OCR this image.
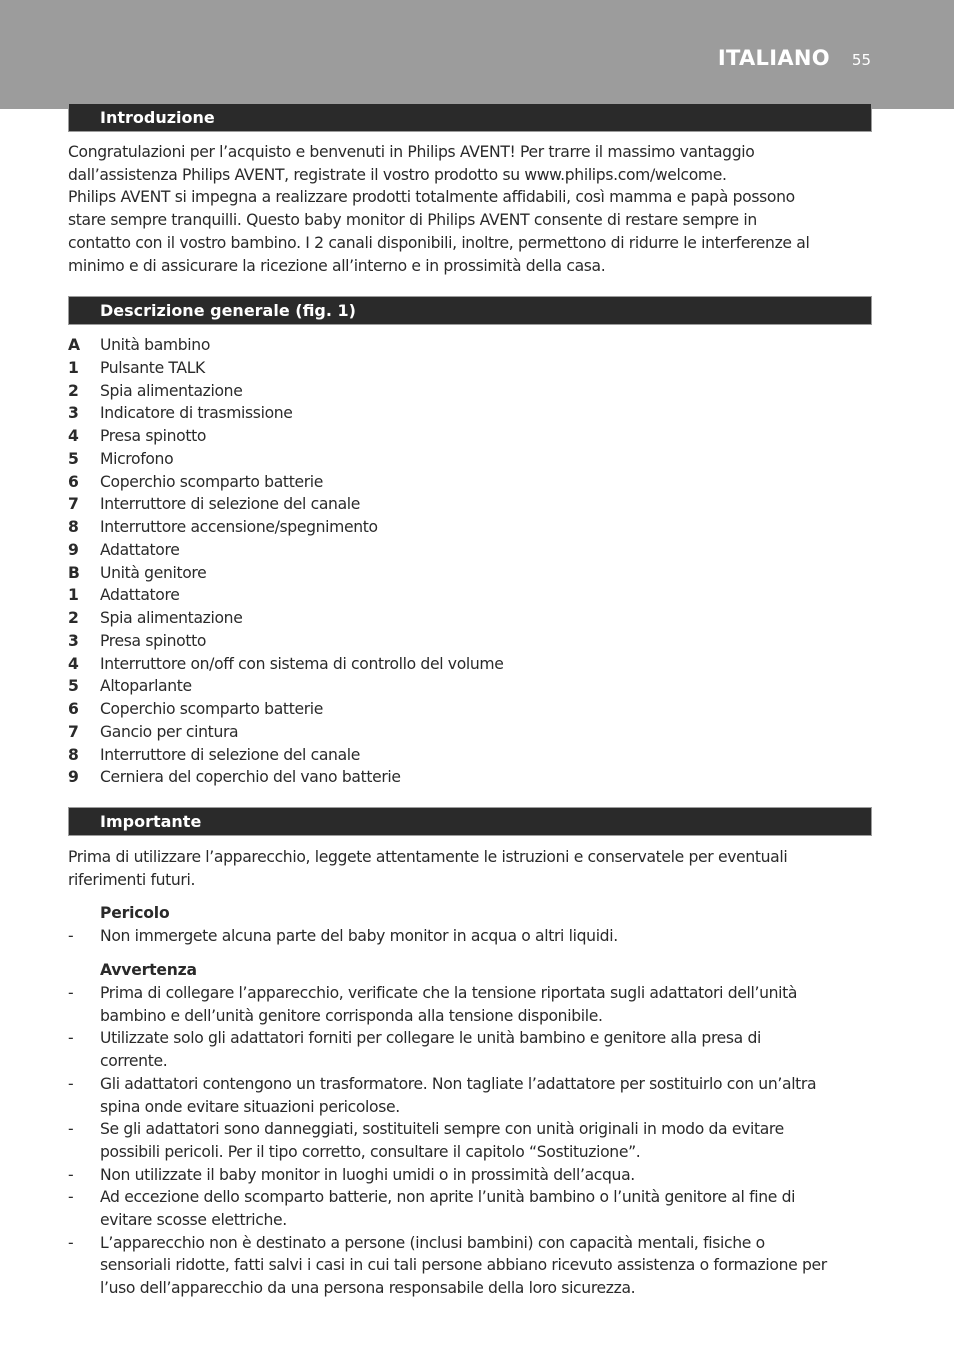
ITALIANO 55
Introduzione

Congratulazioni per l’acquisto e benvenuti in Philips AVENT! Per trarre il massimo vantaggio

dall’assistenza Philips AVENT, registrate il vostro prodotto su www.philips.com/welcome.

Philips AVENT si impegna a realizzare prodotti totalmente affidabili, così mamma e papà possono

stare sempre tranquilli. Questo baby monitor di Philips AVENT consente di restare sempre in

contatto con il vostro bambino. I 2 canali disponibili, inoltre, permettono di ridurre le interferenze al

minimo e di assicurare la ricezione all’interno e in prossimità della casa.

Descrizione generale (fig. 1)
A	Unità bambino
1	Pulsante TALK
2	Spia alimentazione
3	Indicatore di trasmissione
4	Presa spinotto
5	Microfono
6	Coperchio scomparto batterie
7	Interruttore di selezione del canale
8	Interruttore accensione/spegnimento
9	Adattatore
B	Unità genitore
1	Adattatore
2	Spia alimentazione
3	Presa spinotto
4	Interruttore on/off con sistema di controllo del volume
5	Altoparlante
6	Coperchio scomparto batterie
7	Gancio per cintura
8	Interruttore di selezione del canale
9	Cerniera del coperchio del vano batterie
Importante

Prima di utilizzare l’apparecchio, leggete attentamente le istruzioni e conservatele per eventuali

riferimenti futuri.

Pericolo
-	Non immergete alcuna parte del baby monitor in acqua o altri liquidi.
Avvertenza
-	Prima di collegare l’apparecchio, verificate che la tensione riportata sugli adattatori dell’unità
bambino e dell’unità genitore corrisponda alla tensione disponibile.
-	Utilizzate solo gli adattatori forniti per collegare le unità bambino e genitore alla presa di
corrente.
-	Gli adattatori contengono un trasformatore. Non tagliate l’adattatore per sostituirlo con un’altra
spina onde evitare situazioni pericolose.
-	Se gli adattatori sono danneggiati, sostituiteli sempre con unità originali in modo da evitare
possibili pericoli. Per il tipo corretto, consultare il capitolo “Sostituzione”.
-	Non utilizzate il baby monitor in luoghi umidi o in prossimità dell’acqua.
-	Ad eccezione dello scomparto batterie, non aprite l’unità bambino o l’unità genitore al fine di
evitare scosse elettriche.
-	L’apparecchio non è destinato a persone (inclusi bambini) con capacità mentali, fisiche o
sensoriali ridotte, fatti salvi i casi in cui tali persone abbiano ricevuto assistenza o formazione per
l’uso dell’apparecchio da una persona responsabile della loro sicurezza.
